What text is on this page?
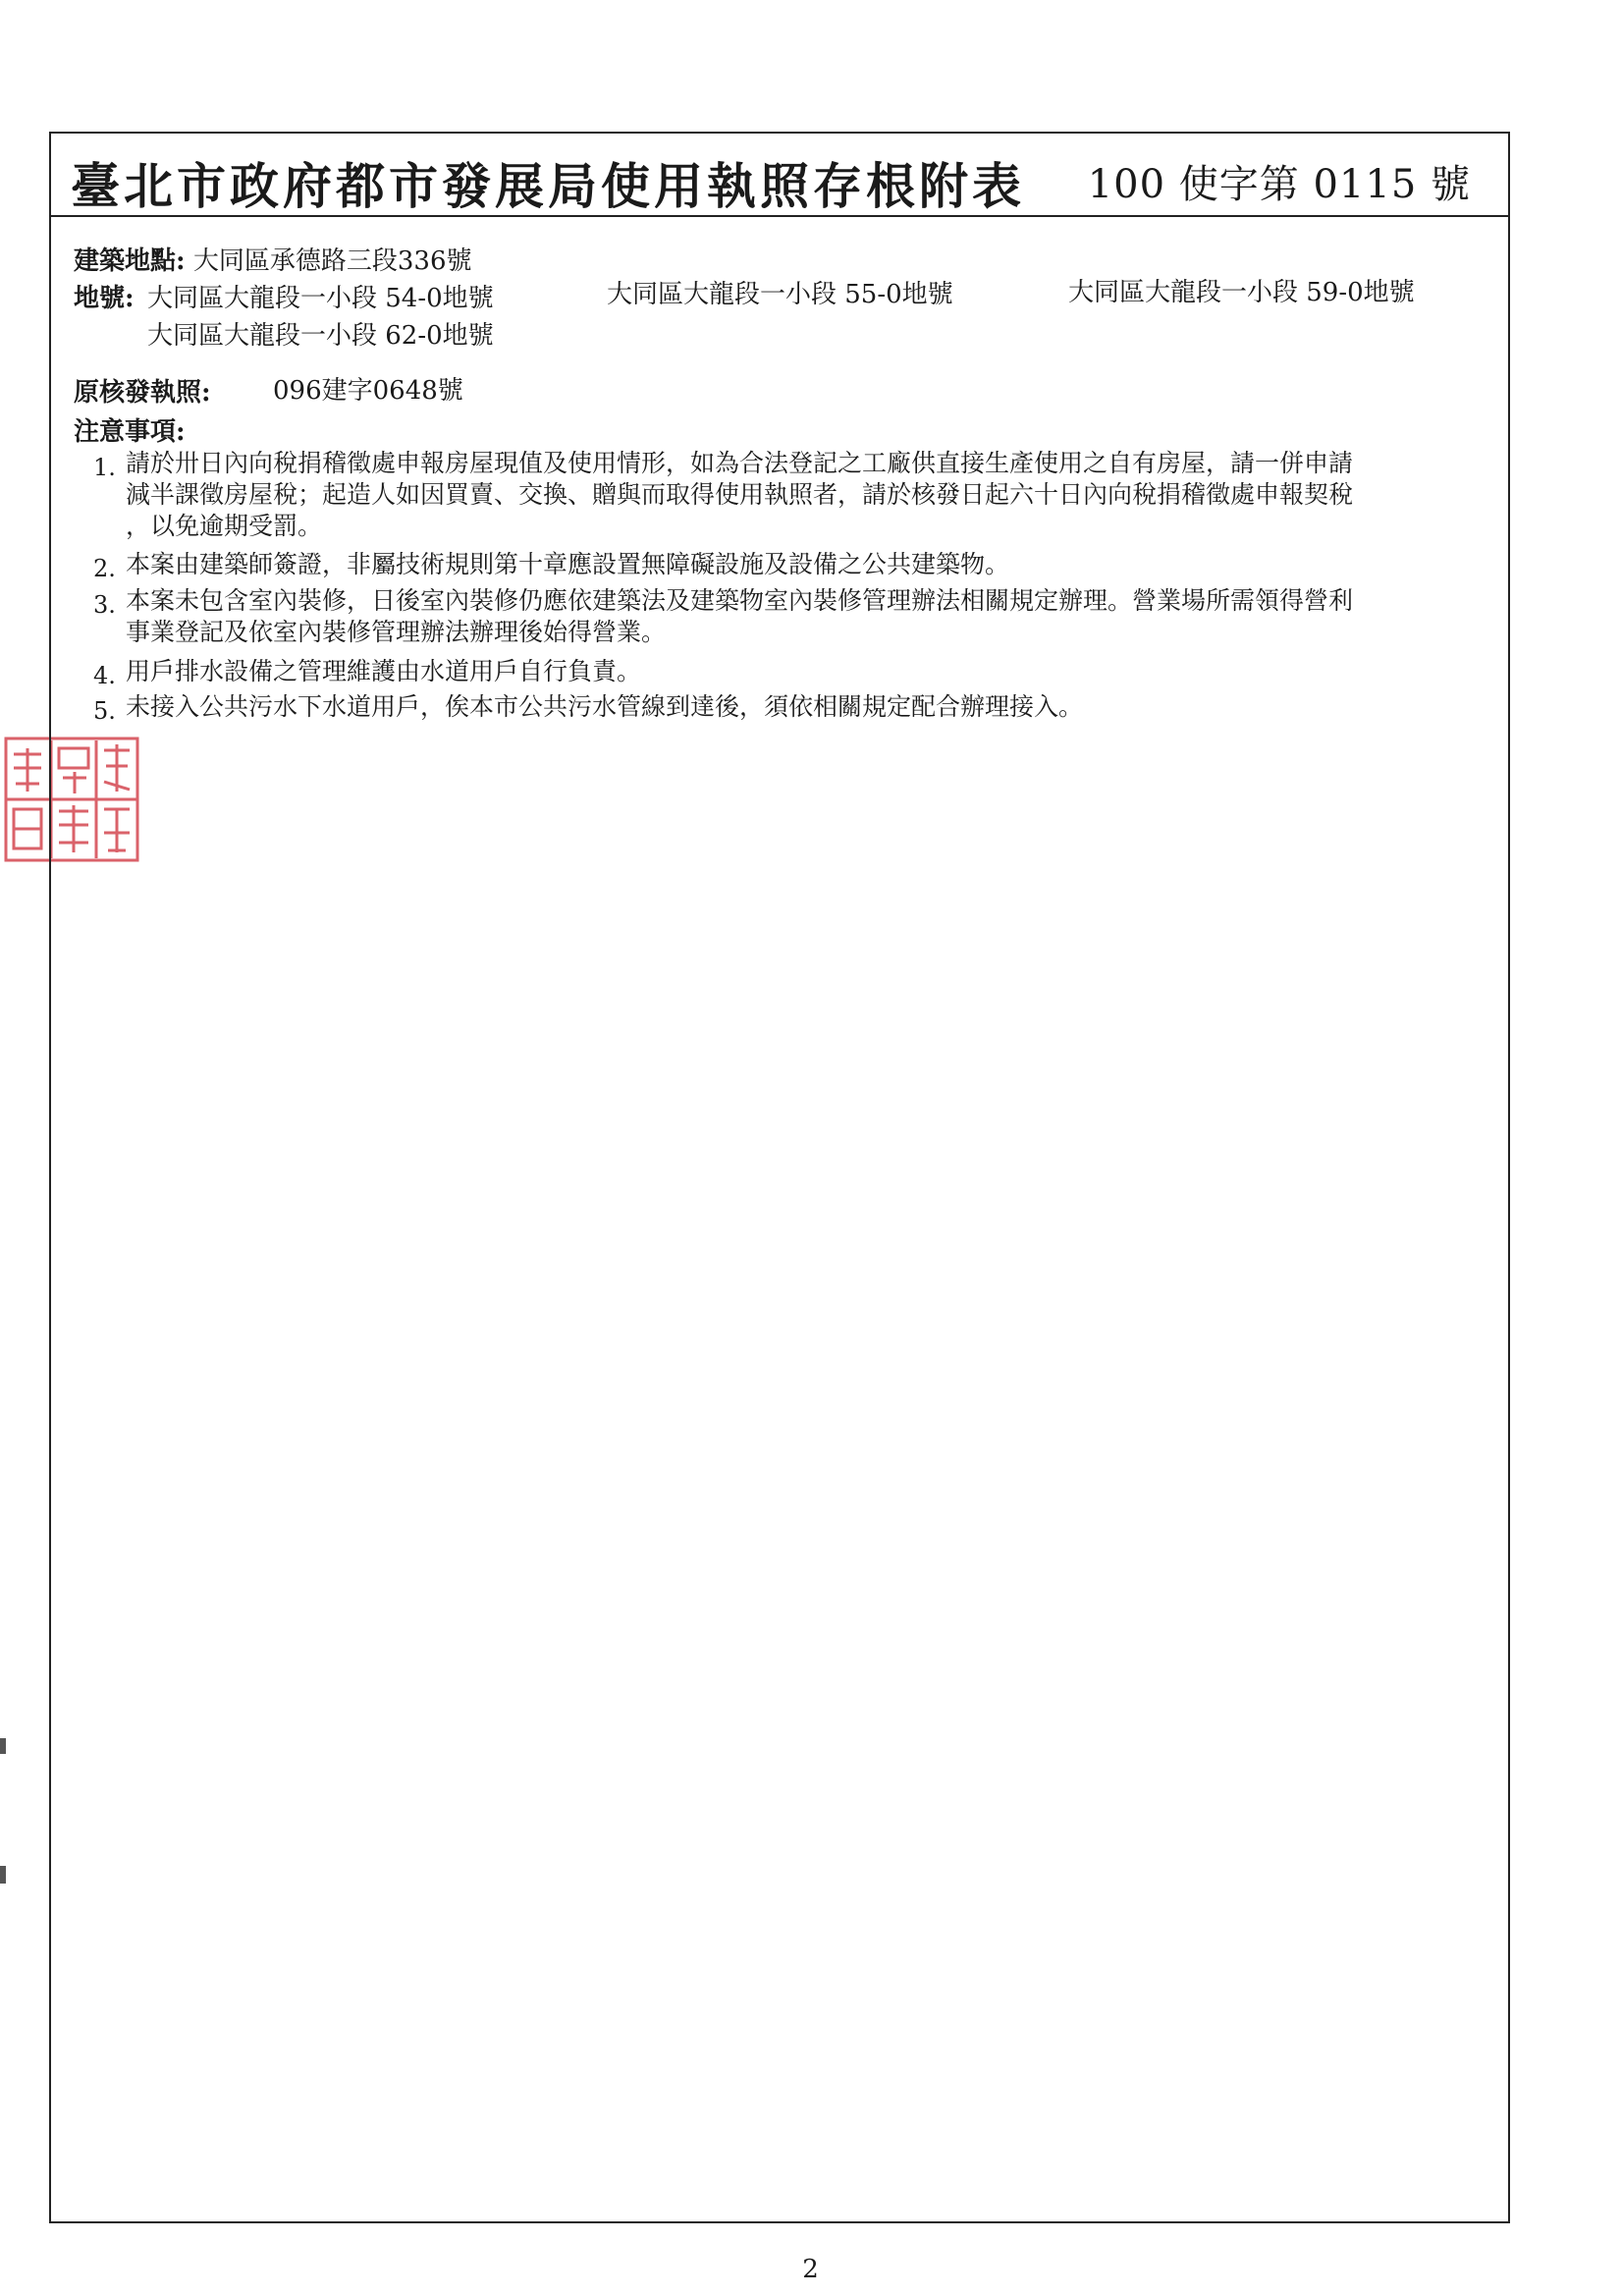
臺北市政府都市發展局使用執照存根附表 100 使字第 0115 號
建築地點: 大同區承德路三段336號
地號: 大同區大龍段一小段 54-0地號	大同區大龍段一小段 55-0地號	大同區大龍段一小段 59-0地號
大同區大龍段一小段 62-0地號
原核發執照: 096建字0648號
注意事項:
1. 請於卅日內向稅捐稽徵處申報房屋現值及使用情形，如為合法登記之工廠供直接生產使用之自有房屋，請一併申請
減半課徵房屋稅；起造人如因買賣、交換、贈與而取得使用執照者，請於核發日起六十日內向稅捐稽徵處申報契稅
，以免逾期受罰。
2. 本案由建築師簽證，非屬技術規則第十章應設置無障礙設施及設備之公共建築物。
3. 本案未包含室內裝修，日後室內裝修仍應依建築法及建築物室內裝修管理辦法相關規定辦理。營業場所需領得營利
事業登記及依室內裝修管理辦法辦理後始得營業。
4. 用戶排水設備之管理維護由水道用戶自行負責。
5. 未接入公共污水下水道用戶，俟本市公共污水管線到達後，須依相關規定配合辦理接入。
2
